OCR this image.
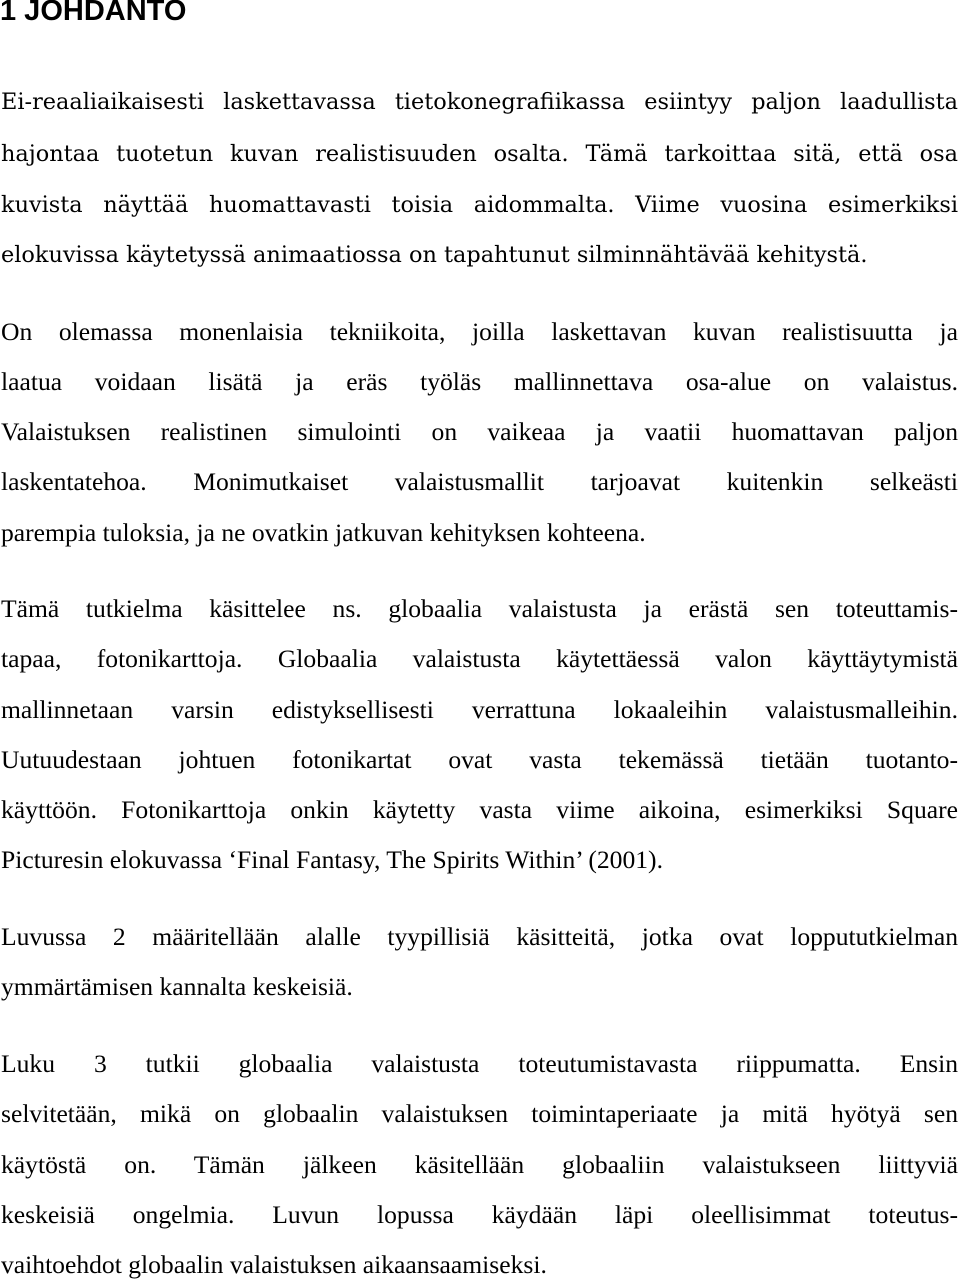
1 JOHDANTO
Ei-reaaliaikaisesti laskettavassa tietokonegrafiikassa esiintyy paljon laadullista
hajontaa tuotetun kuvan realistisuuden osalta. Tämä tarkoittaa sitä, että osa
kuvista näyttää huomattavasti toisia aidommalta. Viime vuosina esimerkiksi
elokuvissa käytetyssä animaatiossa on tapahtunut silminnähtävää kehitystä.
On olemassa monenlaisia tekniikoita, joilla laskettavan kuvan realistisuutta ja
laatua voidaan lisätä ja eräs työläs mallinnettava osa-alue on valaistus.
Valaistuksen realistinen simulointi on vaikeaa ja vaatii huomattavan paljon
laskentatehoa. Monimutkaiset valaistusmallit tarjoavat kuitenkin selkeästi
parempia tuloksia, ja ne ovatkin jatkuvan kehityksen kohteena.
Tämä tutkielma käsittelee ns. globaalia valaistusta ja erästä sen toteuttamis-
tapaa, fotonikarttoja. Globaalia valaistusta käytettäessä valon käyttäytymistä
mallinnetaan varsin edistyksellisesti verrattuna lokaaleihin valaistusmalleihin.
Uutuudestaan johtuen fotonikartat ovat vasta tekemässä tietään tuotanto-
käyttöön. Fotonikarttoja onkin käytetty vasta viime aikoina, esimerkiksi Square
Picturesin elokuvassa ‘Final Fantasy, The Spirits Within’ (2001).
Luvussa 2 määritellään alalle tyypillisiä käsitteitä, jotka ovat loppututkielman
ymmärtämisen kannalta keskeisiä.
Luku 3 tutkii globaalia valaistusta toteutumistavasta riippumatta. Ensin
selvitetään, mikä on globaalin valaistuksen toimintaperiaate ja mitä hyötyä sen
käytöstä on. Tämän jälkeen käsitellään globaaliin valaistukseen liittyviä
keskeisiä ongelmia. Luvun lopussa käydään läpi oleellisimmat toteutus-
vaihtoehdot globaalin valaistuksen aikaansaamiseksi.
